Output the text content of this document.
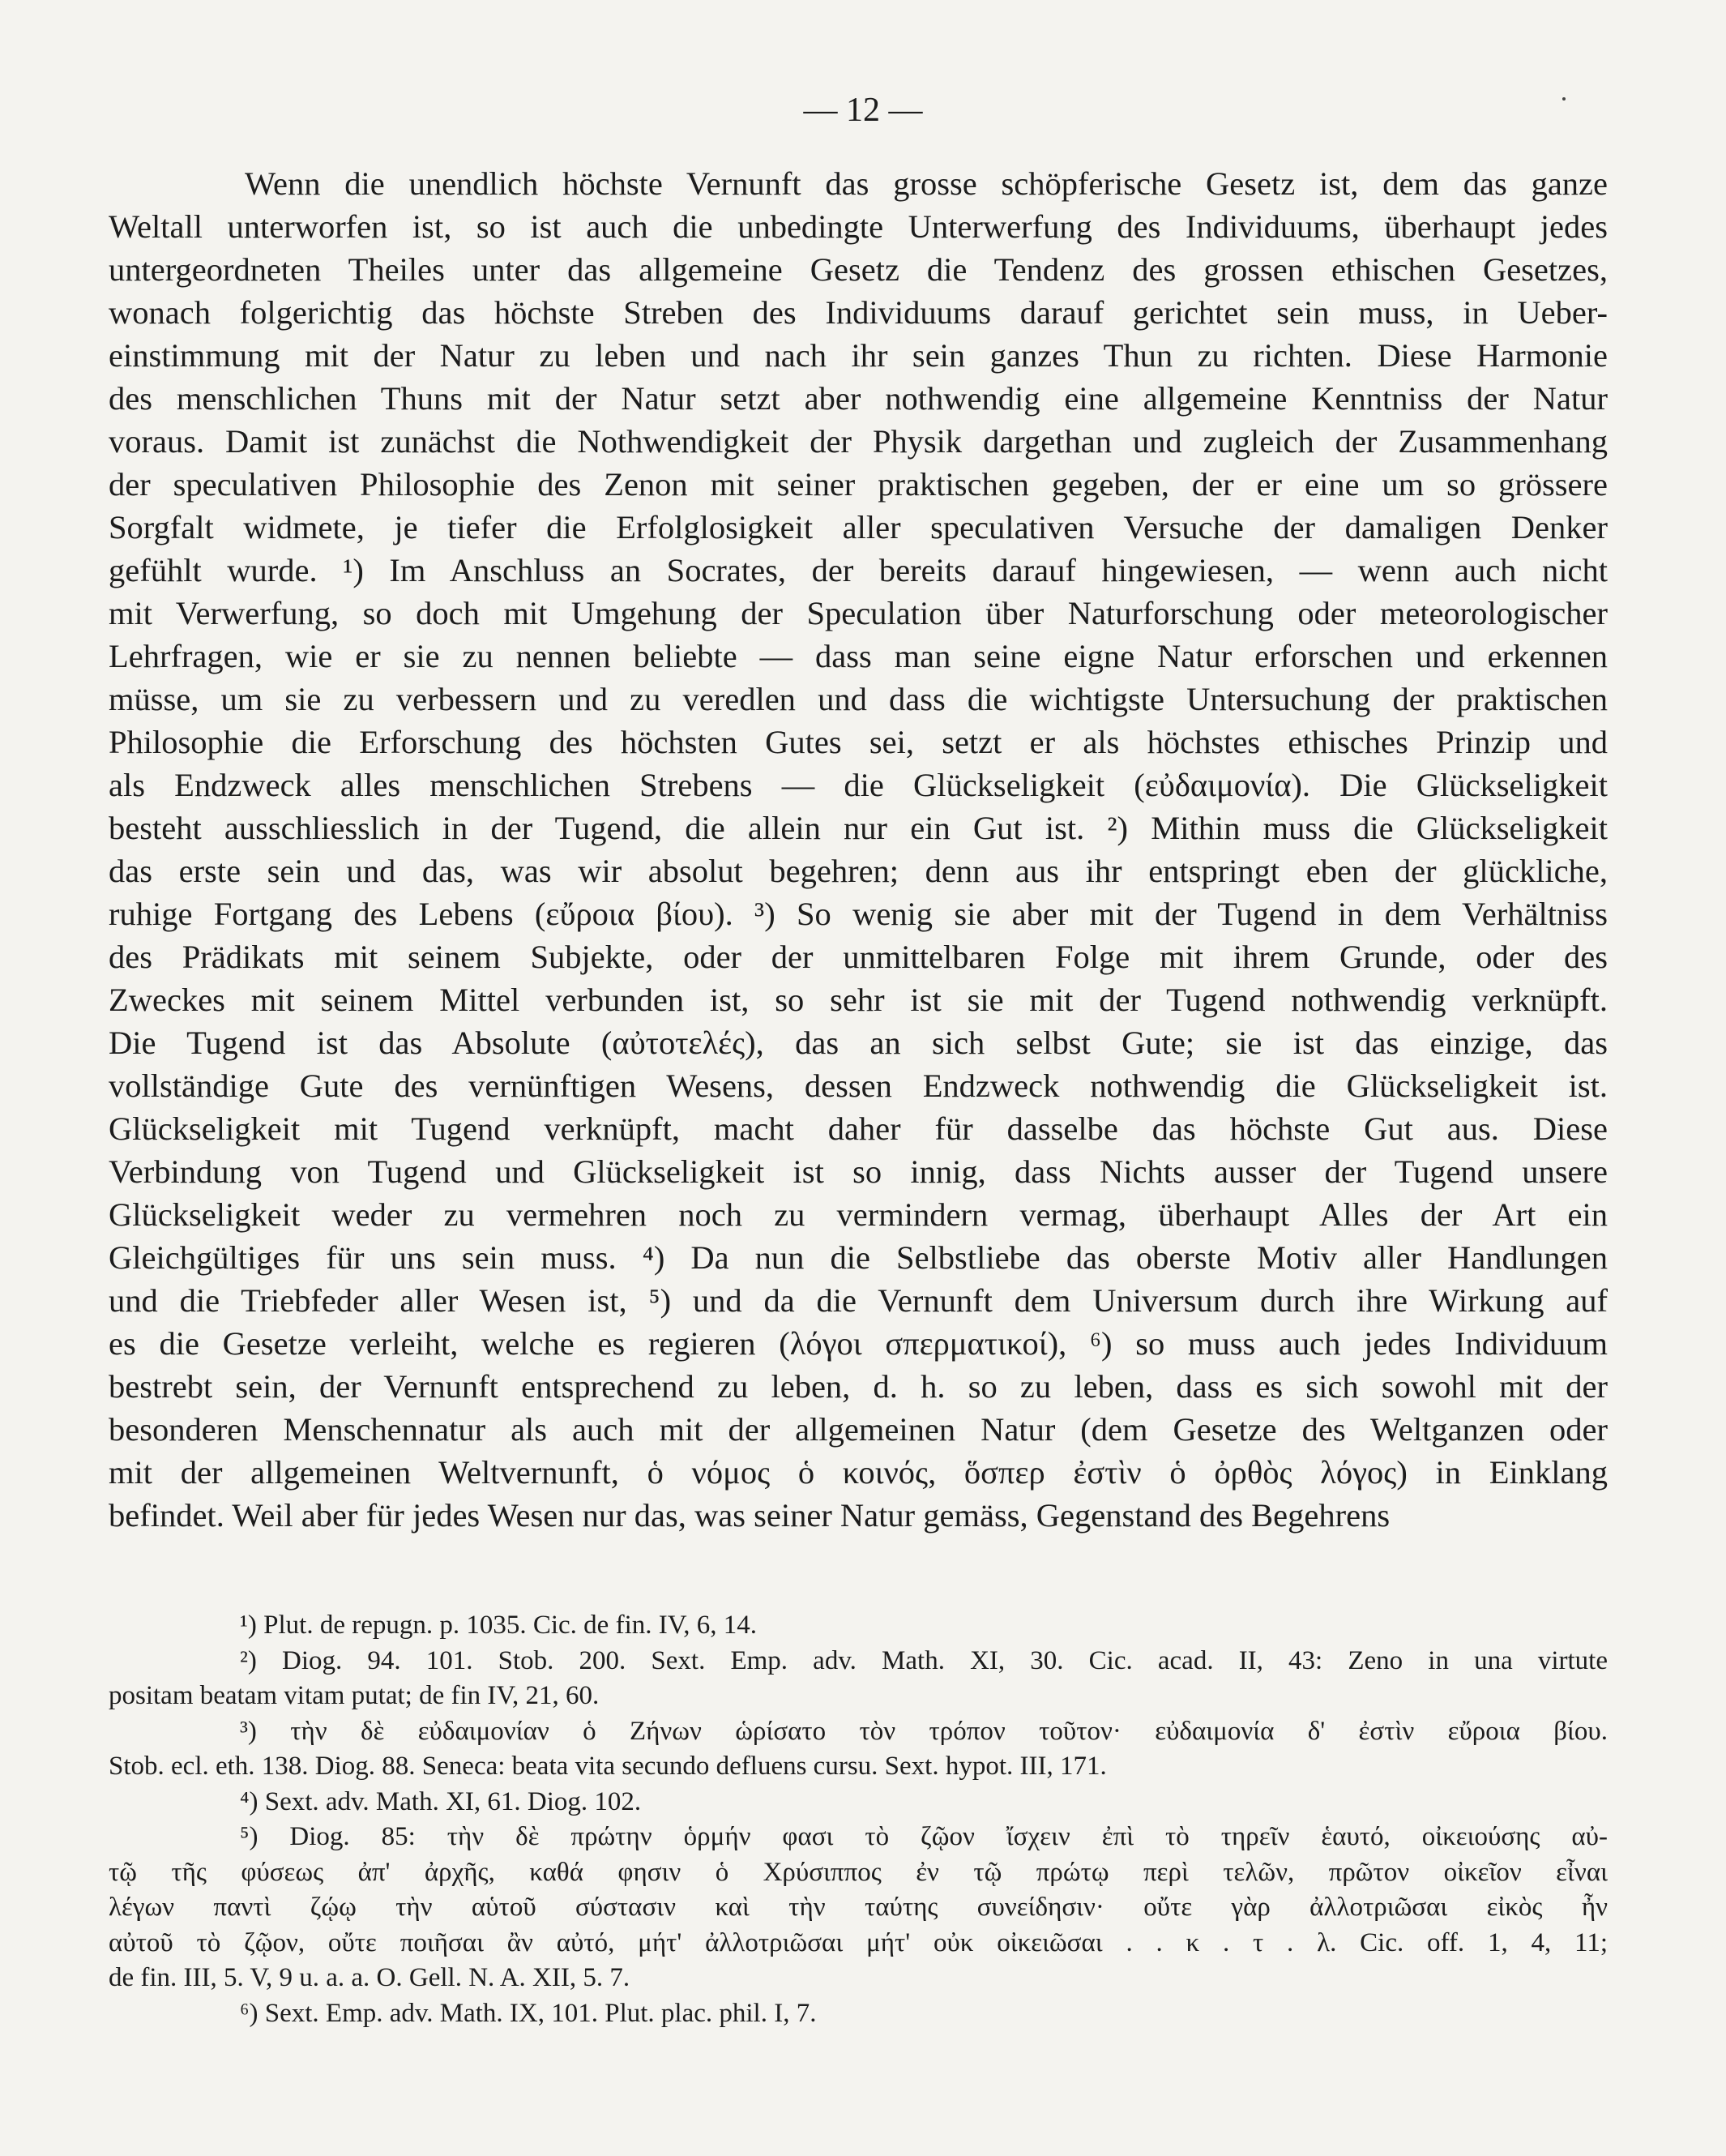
— 12 —
Wenn die unendlich höchste Vernunft das grosse schöpferische Gesetz ist, dem das ganze
Weltall unterworfen ist, so ist auch die unbedingte Unterwerfung des Individuums, überhaupt jedes
untergeordneten Theiles unter das allgemeine Gesetz die Tendenz des grossen ethischen Gesetzes,
wonach folgerichtig das höchste Streben des Individuums darauf gerichtet sein muss, in Ueber-
einstimmung mit der Natur zu leben und nach ihr sein ganzes Thun zu richten. Diese Harmonie
des menschlichen Thuns mit der Natur setzt aber nothwendig eine allgemeine Kenntniss der Natur
voraus. Damit ist zunächst die Nothwendigkeit der Physik dargethan und zugleich der Zusammenhang
der speculativen Philosophie des Zenon mit seiner praktischen gegeben, der er eine um so grössere
Sorgfalt widmete, je tiefer die Erfolglosigkeit aller speculativen Versuche der damaligen Denker
gefühlt wurde. ¹) Im Anschluss an Socrates, der bereits darauf hingewiesen, — wenn auch nicht
mit Verwerfung, so doch mit Umgehung der Speculation über Naturforschung oder meteorologischer
Lehrfragen, wie er sie zu nennen beliebte — dass man seine eigne Natur erforschen und erkennen
müsse, um sie zu verbessern und zu veredlen und dass die wichtigste Untersuchung der praktischen
Philosophie die Erforschung des höchsten Gutes sei, setzt er als höchstes ethisches Prinzip und
als Endzweck alles menschlichen Strebens — die Glückseligkeit (εὐδαιμονία). Die Glückseligkeit
besteht ausschliesslich in der Tugend, die allein nur ein Gut ist. ²) Mithin muss die Glückseligkeit
das erste sein und das, was wir absolut begehren; denn aus ihr entspringt eben der glückliche,
ruhige Fortgang des Lebens (εὔροια βίου). ³) So wenig sie aber mit der Tugend in dem Verhältniss
des Prädikats mit seinem Subjekte, oder der unmittelbaren Folge mit ihrem Grunde, oder des
Zweckes mit seinem Mittel verbunden ist, so sehr ist sie mit der Tugend nothwendig verknüpft.
Die Tugend ist das Absolute (αὐτοτελές), das an sich selbst Gute; sie ist das einzige, das
vollständige Gute des vernünftigen Wesens, dessen Endzweck nothwendig die Glückseligkeit ist.
Glückseligkeit mit Tugend verknüpft, macht daher für dasselbe das höchste Gut aus. Diese
Verbindung von Tugend und Glückseligkeit ist so innig, dass Nichts ausser der Tugend unsere
Glückseligkeit weder zu vermehren noch zu vermindern vermag, überhaupt Alles der Art ein
Gleichgültiges für uns sein muss. ⁴) Da nun die Selbstliebe das oberste Motiv aller Handlungen
und die Triebfeder aller Wesen ist, ⁵) und da die Vernunft dem Universum durch ihre Wirkung auf
es die Gesetze verleiht, welche es regieren (λόγοι σπερματικοί), ⁶) so muss auch jedes Individuum
bestrebt sein, der Vernunft entsprechend zu leben, d. h. so zu leben, dass es sich sowohl mit der
besonderen Menschennatur als auch mit der allgemeinen Natur (dem Gesetze des Weltganzen oder
mit der allgemeinen Weltvernunft, ὁ νόμος ὁ κοινός, ὅσπερ ἐστὶν ὁ ὀρθὸς λόγος) in Einklang
befindet. Weil aber für jedes Wesen nur das, was seiner Natur gemäss, Gegenstand des Begehrens
¹) Plut. de repugn. p. 1035. Cic. de fin. IV, 6, 14.
²) Diog. 94. 101. Stob. 200. Sext. Emp. adv. Math. XI, 30. Cic. acad. II, 43: Zeno in una virtute
positam beatam vitam putat; de fin IV, 21, 60.
³) τὴν δὲ εὐδαιμονίαν ὁ Ζήνων ὡρίσατο τὸν τρόπον τοῦτον· εὐδαιμονία δ' ἐστὶν εὔροια βίου.
Stob. ecl. eth. 138. Diog. 88. Seneca: beata vita secundo defluens cursu. Sext. hypot. III, 171.
⁴) Sext. adv. Math. XI, 61. Diog. 102.
⁵) Diog. 85: τὴν δὲ πρώτην ὁρμήν φασι τὸ ζῷον ἴσχειν ἐπὶ τὸ τηρεῖν ἑαυτό, οἰκειούσης αὐ-
τῷ τῆς φύσεως ἀπ' ἀρχῆς, καθά φησιν ὁ Χρύσιππος ἐν τῷ πρώτῳ περὶ τελῶν, πρῶτον οἰκεῖον εἶναι
λέγων παντὶ ζῴῳ τὴν αὑτοῦ σύστασιν καὶ τὴν ταύτης συνείδησιν· οὔτε γὰρ ἀλλοτριῶσαι εἰκὸς ἦν
αὐτοῦ τὸ ζῷον, οὔτε ποιῆσαι ἂν αὐτό, μήτ' ἀλλοτριῶσαι μήτ' οὐκ οἰκειῶσαι . . κ . τ . λ. Cic. off. 1, 4, 11;
de fin. III, 5. V, 9 u. a. a. O. Gell. N. A. XII, 5. 7.
⁶) Sext. Emp. adv. Math. IX, 101. Plut. plac. phil. I, 7.
